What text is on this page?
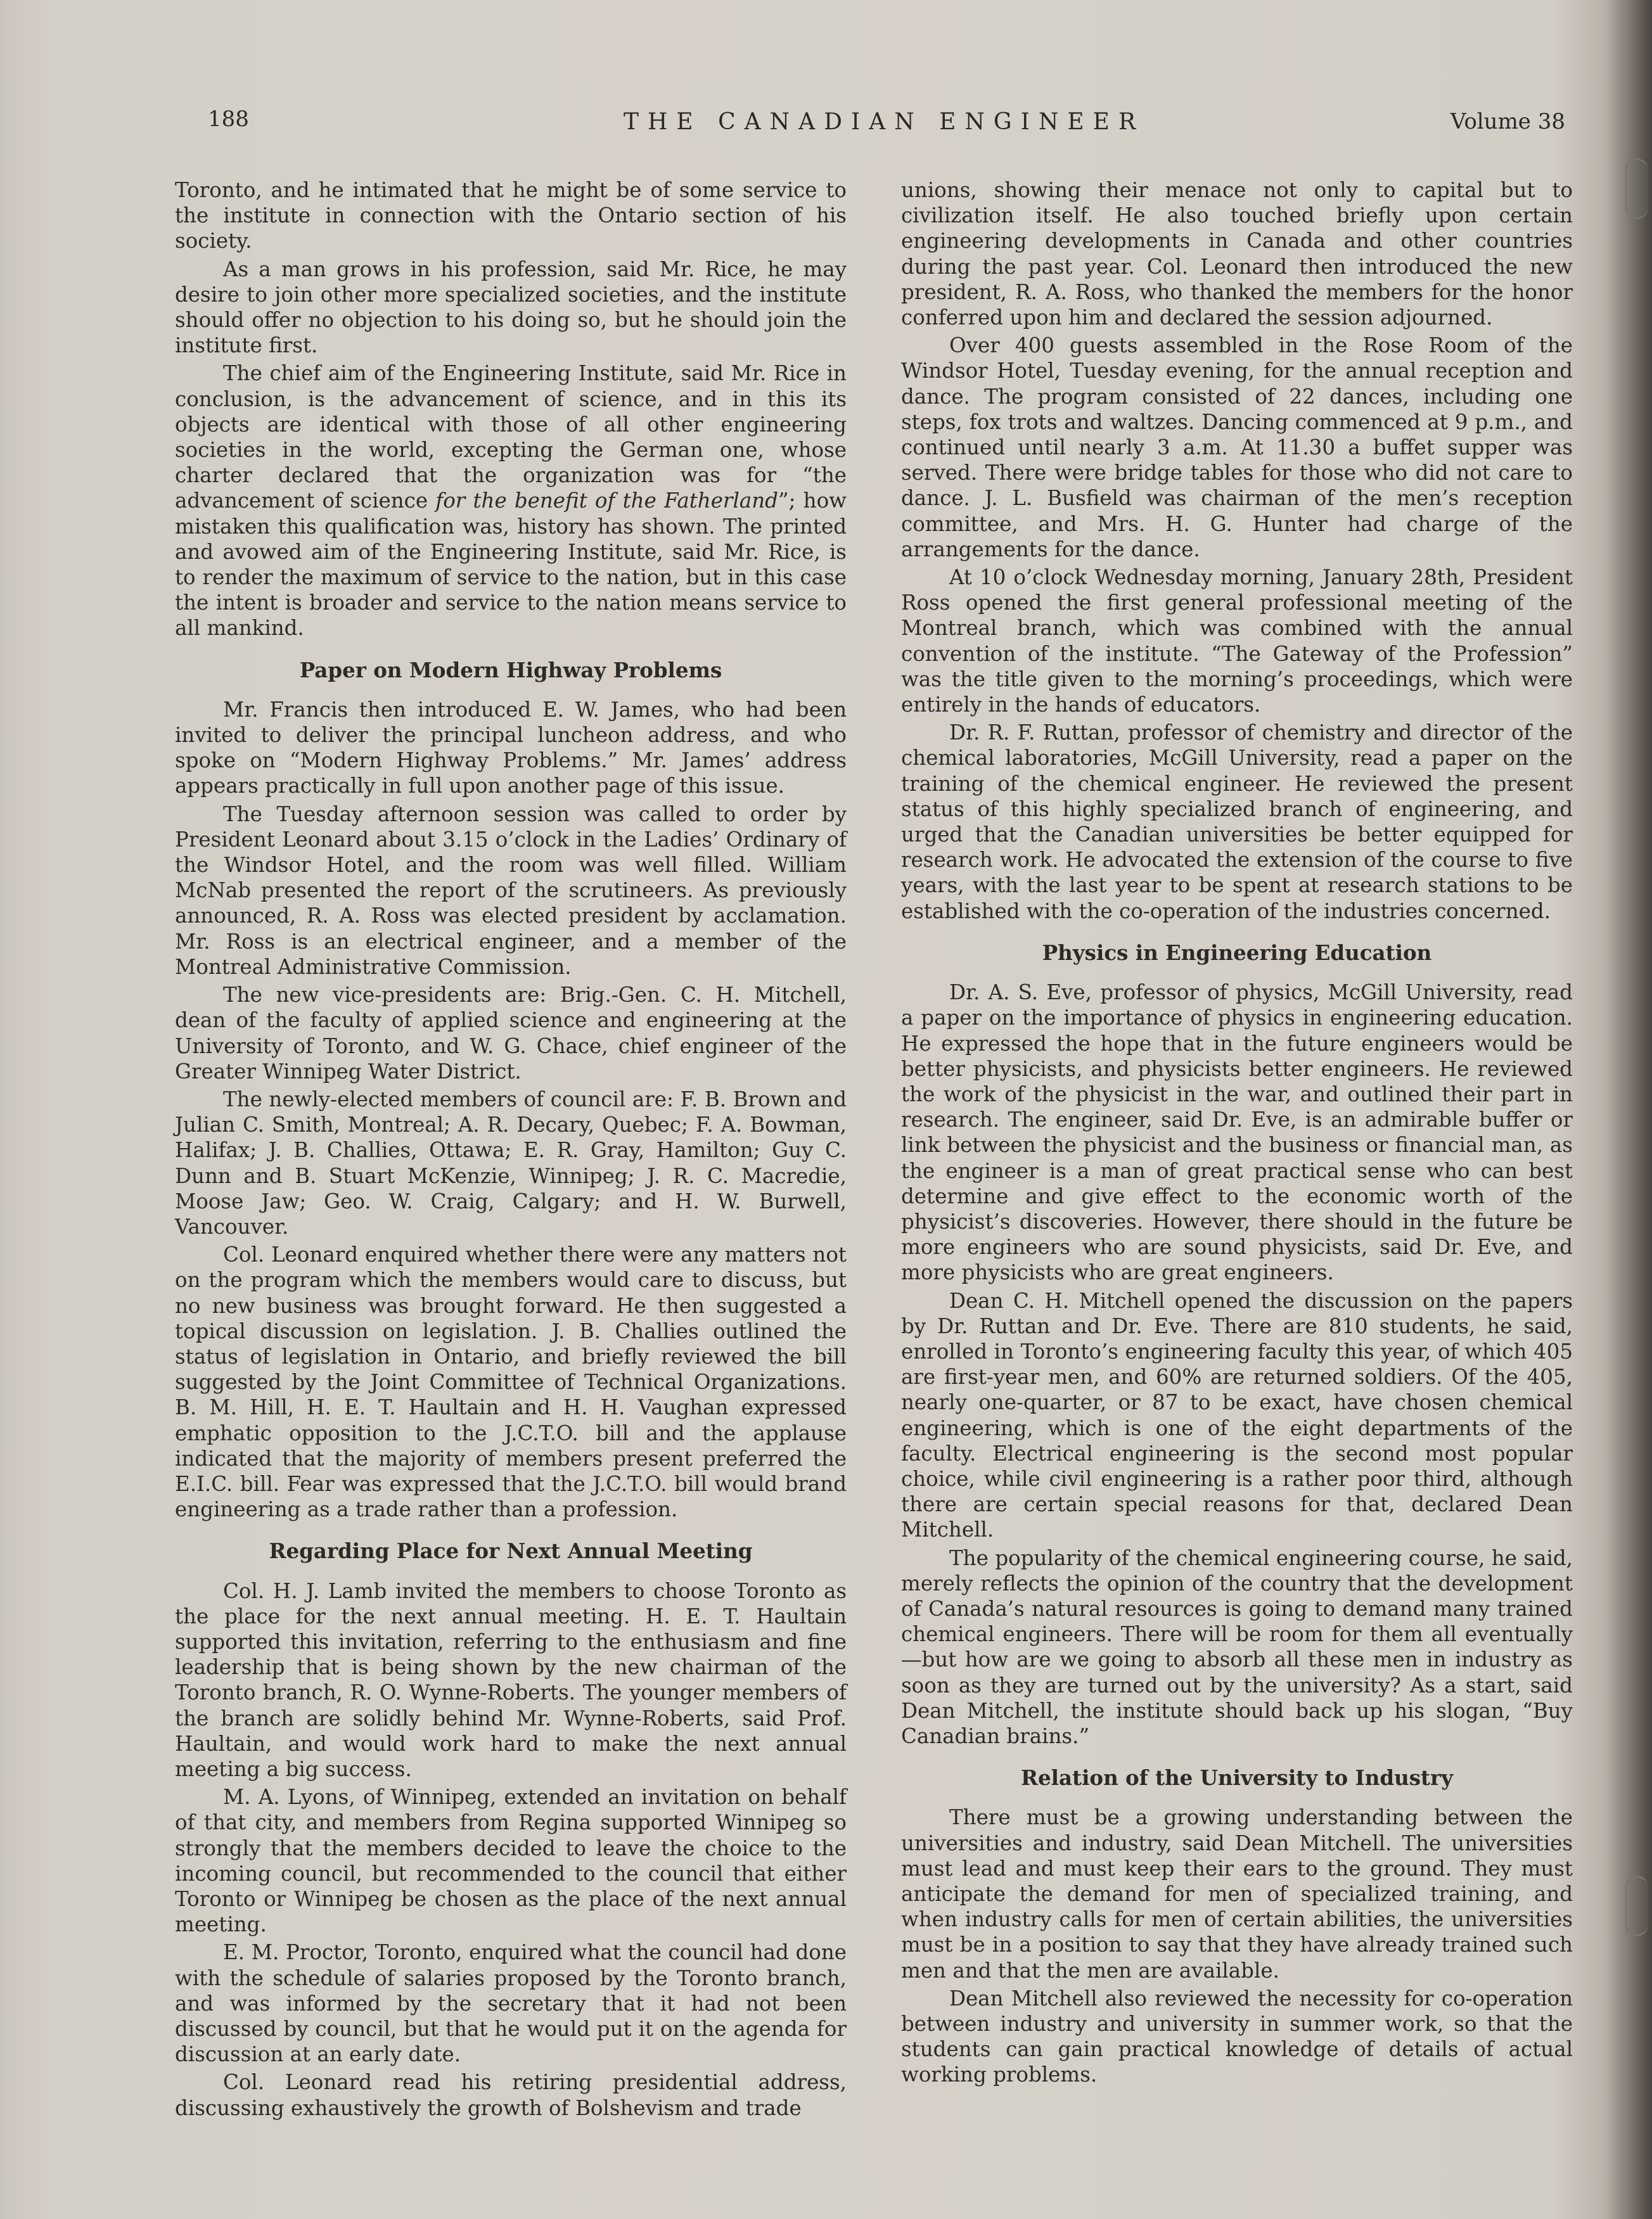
188	THE CANADIAN ENGINEER	Volume 38

Toronto, and he intimated that he might be of some service to the institute in connection with the Ontario section of his society.

As a man grows in his profession, said Mr. Rice, he may desire to join other more specialized societies, and the institute should offer no objection to his doing so, but he should join the institute first.

The chief aim of the Engineering Institute, said Mr. Rice in conclusion, is the advancement of science, and in this its objects are identical with those of all other engineering societies in the world, excepting the German one, whose charter declared that the organization was for “the advancement of science for the benefit of the Fatherland”; how mistaken this qualification was, history has shown. The printed and avowed aim of the Engineering Institute, said Mr. Rice, is to render the maximum of service to the nation, but in this case the intent is broader and service to the nation means service to all mankind.

Paper on Modern Highway Problems

Mr. Francis then introduced E. W. James, who had been invited to deliver the principal luncheon address, and who spoke on “Modern Highway Problems.” Mr. James’ address appears practically in full upon another page of this issue.

The Tuesday afternoon session was called to order by President Leonard about 3.15 o’clock in the Ladies’ Ordinary of the Windsor Hotel, and the room was well filled. William McNab presented the report of the scrutineers. As previously announced, R. A. Ross was elected president by acclamation. Mr. Ross is an electrical engineer, and a member of the Montreal Administrative Commission.

The new vice-presidents are: Brig.-Gen. C. H. Mitchell, dean of the faculty of applied science and engineering at the University of Toronto, and W. G. Chace, chief engineer of the Greater Winnipeg Water District.

The newly-elected members of council are: F. B. Brown and Julian C. Smith, Montreal; A. R. Decary, Quebec; F. A. Bowman, Halifax; J. B. Challies, Ottawa; E. R. Gray, Hamilton; Guy C. Dunn and B. Stuart McKenzie, Winnipeg; J. R. C. Macredie, Moose Jaw; Geo. W. Craig, Calgary; and H. W. Burwell, Vancouver.

Col. Leonard enquired whether there were any matters not on the program which the members would care to discuss, but no new business was brought forward. He then suggested a topical discussion on legislation. J. B. Challies outlined the status of legislation in Ontario, and briefly reviewed the bill suggested by the Joint Committee of Technical Organizations. B. M. Hill, H. E. T. Haultain and H. H. Vaughan expressed emphatic opposition to the J.C.T.O. bill and the applause indicated that the majority of members present preferred the E.I.C. bill. Fear was expressed that the J.C.T.O. bill would brand engineering as a trade rather than a profession.

Regarding Place for Next Annual Meeting

Col. H. J. Lamb invited the members to choose Toronto as the place for the next annual meeting. H. E. T. Haultain supported this invitation, referring to the enthusiasm and fine leadership that is being shown by the new chairman of the Toronto branch, R. O. Wynne-Roberts. The younger members of the branch are solidly behind Mr. Wynne-Roberts, said Prof. Haultain, and would work hard to make the next annual meeting a big success.

M. A. Lyons, of Winnipeg, extended an invitation on behalf of that city, and members from Regina supported Winnipeg so strongly that the members decided to leave the choice to the incoming council, but recommended to the council that either Toronto or Winnipeg be chosen as the place of the next annual meeting.

E. M. Proctor, Toronto, enquired what the council had done with the schedule of salaries proposed by the Toronto branch, and was informed by the secretary that it had not been discussed by council, but that he would put it on the agenda for discussion at an early date.

Col. Leonard read his retiring presidential address, discussing exhaustively the growth of Bolshevism and trade

unions, showing their menace not only to capital but to civilization itself. He also touched briefly upon certain engineering developments in Canada and other countries during the past year. Col. Leonard then introduced the new president, R. A. Ross, who thanked the members for the honor conferred upon him and declared the session adjourned.

Over 400 guests assembled in the Rose Room of the Windsor Hotel, Tuesday evening, for the annual reception and dance. The program consisted of 22 dances, including one steps, fox trots and waltzes. Dancing commenced at 9 p.m., and continued until nearly 3 a.m. At 11.30 a buffet supper was served. There were bridge tables for those who did not care to dance. J. L. Busfield was chairman of the men’s reception committee, and Mrs. H. G. Hunter had charge of the arrangements for the dance.

At 10 o’clock Wednesday morning, January 28th, President Ross opened the first general professional meeting of the Montreal branch, which was combined with the annual convention of the institute. “The Gateway of the Profession” was the title given to the morning’s proceedings, which were entirely in the hands of educators.

Dr. R. F. Ruttan, professor of chemistry and director of the chemical laboratories, McGill University, read a paper on the training of the chemical engineer. He reviewed the present status of this highly specialized branch of engineering, and urged that the Canadian universities be better equipped for research work. He advocated the extension of the course to five years, with the last year to be spent at research stations to be established with the co-operation of the industries concerned.

Physics in Engineering Education

Dr. A. S. Eve, professor of physics, McGill University, read a paper on the importance of physics in engineering education. He expressed the hope that in the future engineers would be better physicists, and physicists better engineers. He reviewed the work of the physicist in the war, and outlined their part in research. The engineer, said Dr. Eve, is an admirable buffer or link between the physicist and the business or financial man, as the engineer is a man of great practical sense who can best determine and give effect to the economic worth of the physicist’s discoveries. However, there should in the future be more engineers who are sound physicists, said Dr. Eve, and more physicists who are great engineers.

Dean C. H. Mitchell opened the discussion on the papers by Dr. Ruttan and Dr. Eve. There are 810 students, he said, enrolled in Toronto’s engineering faculty this year, of which 405 are first-year men, and 60% are returned soldiers. Of the 405, nearly one-quarter, or 87 to be exact, have chosen chemical engineering, which is one of the eight departments of the faculty. Electrical engineering is the second most popular choice, while civil engineering is a rather poor third, although there are certain special reasons for that, declared Dean Mitchell.

The popularity of the chemical engineering course, he said, merely reflects the opinion of the country that the development of Canada’s natural resources is going to demand many trained chemical engineers. There will be room for them all eventually—but how are we going to absorb all these men in industry as soon as they are turned out by the university? As a start, said Dean Mitchell, the institute should back up his slogan, “Buy Canadian brains.”

Relation of the University to Industry

There must be a growing understanding between the universities and industry, said Dean Mitchell. The universities must lead and must keep their ears to the ground. They must anticipate the demand for men of specialized training, and when industry calls for men of certain abilities, the universities must be in a position to say that they have already trained such men and that the men are available.

Dean Mitchell also reviewed the necessity for co-operation between industry and university in summer work, so that the students can gain practical knowledge of details of actual working problems.
